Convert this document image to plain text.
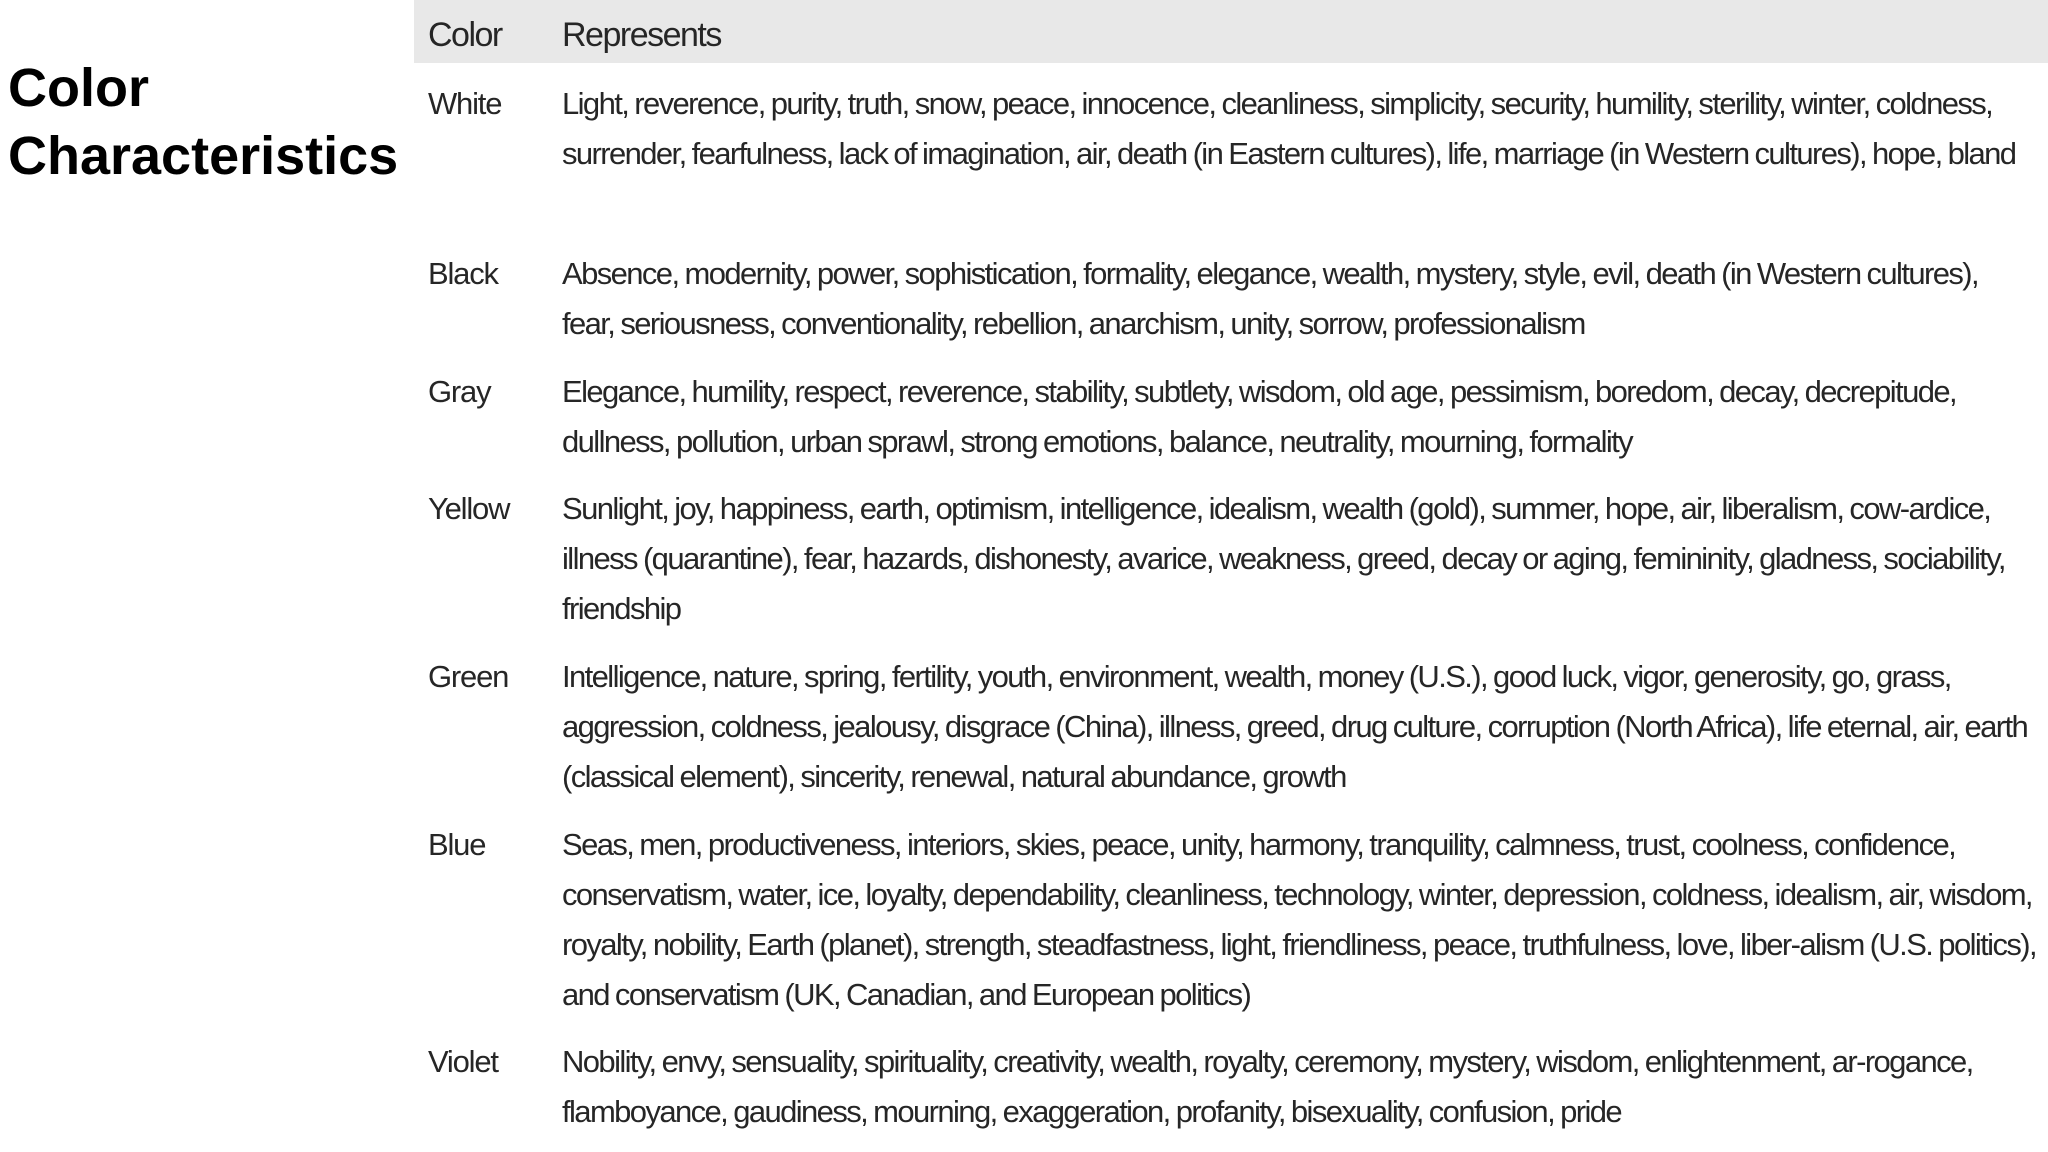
Color
Characteristics
Color	Represents
White	Light, reverence, purity, truth, snow, peace, innocence, cleanliness, simplicity, security, humility, sterility, winter, coldness, surrender, fearfulness, lack of imagination, air, death (in Eastern cultures), life, marriage (in Western cultures), hope, bland
Black	Absence, modernity, power, sophistication, formality, elegance, wealth, mystery, style, evil, death (in Western cultures), fear, seriousness, conventionality, rebellion, anarchism, unity, sorrow, professionalism
Gray	Elegance, humility, respect, reverence, stability, subtlety, wisdom, old age, pessimism, boredom, decay, decrepitude, dullness, pollution, urban sprawl, strong emotions, balance, neutrality, mourning, formality
Yellow	Sunlight, joy, happiness, earth, optimism, intelligence, idealism, wealth (gold), summer, hope, air, liberalism, cow-ardice, illness (quarantine), fear, hazards, dishonesty, avarice, weakness, greed, decay or aging, femininity, gladness, sociability, friendship
Green	Intelligence, nature, spring, fertility, youth, environment, wealth, money (U.S.), good luck, vigor, generosity, go, grass, aggression, coldness, jealousy, disgrace (China), illness, greed, drug culture, corruption (North Africa), life eternal, air, earth (classical element), sincerity, renewal, natural abundance, growth
Blue	Seas, men, productiveness, interiors, skies, peace, unity, harmony, tranquility, calmness, trust, coolness, confidence, conservatism, water, ice, loyalty, dependability, cleanliness, technology, winter, depression, coldness, idealism, air, wisdom, royalty, nobility, Earth (planet), strength, steadfastness, light, friendliness, peace, truthfulness, love, liber-alism (U.S. politics), and conservatism (UK, Canadian, and European politics)
Violet	Nobility, envy, sensuality, spirituality, creativity, wealth, royalty, ceremony, mystery, wisdom, enlightenment, ar-rogance, flamboyance, gaudiness, mourning, exaggeration, profanity, bisexuality, confusion, pride
